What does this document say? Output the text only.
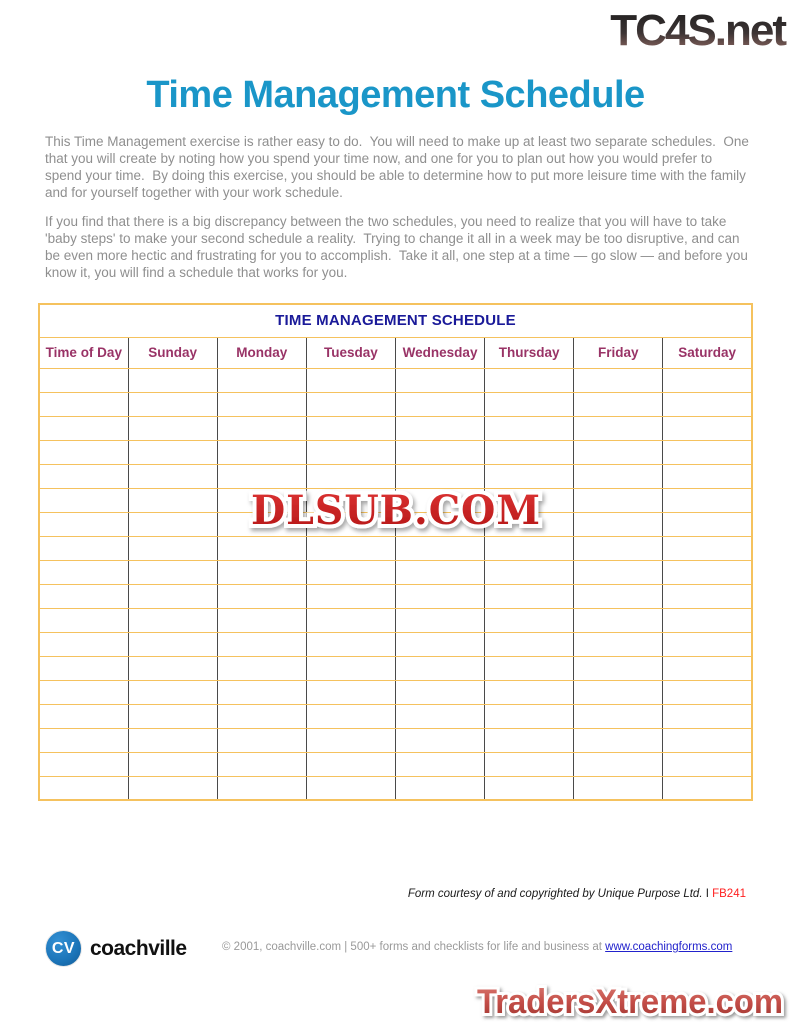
TC4S.net
Time Management Schedule

This Time Management exercise is rather easy to do.  You will need to make up at least two separate schedules.  One that you will create by noting how you spend your time now, and one for you to plan out how you would prefer to spend your time.  By doing this exercise, you should be able to determine how to put more leisure time with the family and for yourself together with your work schedule.

If you find that there is a big discrepancy between the two schedules, you need to realize that you will have to take 'baby steps' to make your second schedule a reality.  Trying to change it all in a week may be too disruptive, and can be even more hectic and frustrating for you to accomplish.  Take it all, one step at a time — go slow — and before you know it, you will find a schedule that works for you.

TIME MANAGEMENT SCHEDULE							
Time of Day	Sunday	Monday	Tuesday	Wednesday	Thursday	Friday	Saturday

DLSUB.COM
Form courtesy of and copyrighted by Unique Purpose Ltd. I FB241
CV coachville	© 2001, coachville.com | 500+ forms and checklists for life and business at www.coachingforms.com
TradersXtreme.com
